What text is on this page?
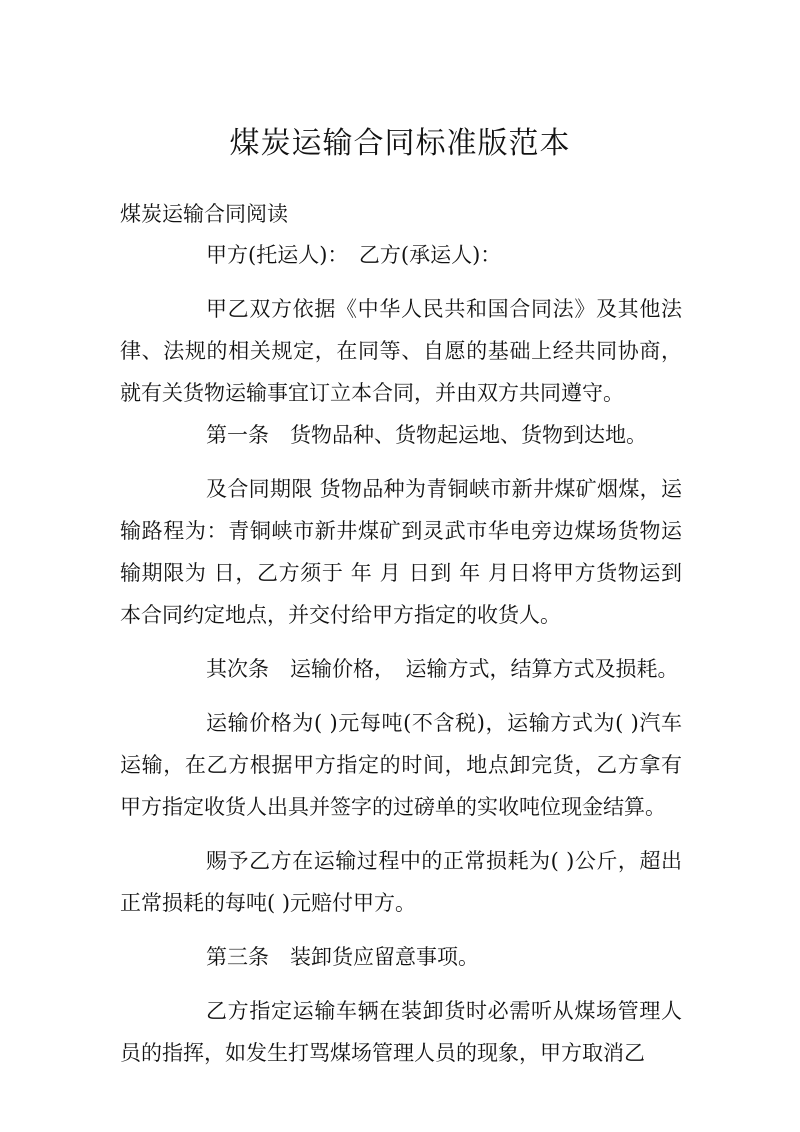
煤炭运输合同标准版范本
煤炭运输合同阅读

甲方(托运人)：　乙方(承运人)：

甲乙双方依据《中华人民共和国合同法》及其他法律、法规的相关规定，在同等、自愿的基础上经共同协商，就有关货物运输事宜订立本合同，并由双方共同遵守。

第一条　货物品种、货物起运地、货物到达地。

及合同期限 货物品种为青铜峡市新井煤矿烟煤，运输路程为：青铜峡市新井煤矿到灵武市华电旁边煤场货物运输期限为 日，乙方须于 年 月 日到 年 月日将甲方货物运到本合同约定地点，并交付给甲方指定的收货人。

其次条　运输价格，　运输方式，结算方式及损耗。

运输价格为( )元每吨(不含税)，运输方式为( )汽车运输，在乙方根据甲方指定的时间，地点卸完货，乙方拿有甲方指定收货人出具并签字的过磅单的实收吨位现金结算。

赐予乙方在运输过程中的正常损耗为( )公斤，超出正常损耗的每吨( )元赔付甲方。

第三条　装卸货应留意事项。

乙方指定运输车辆在装卸货时必需听从煤场管理人员的指挥，如发生打骂煤场管理人员的现象，甲方取消乙
